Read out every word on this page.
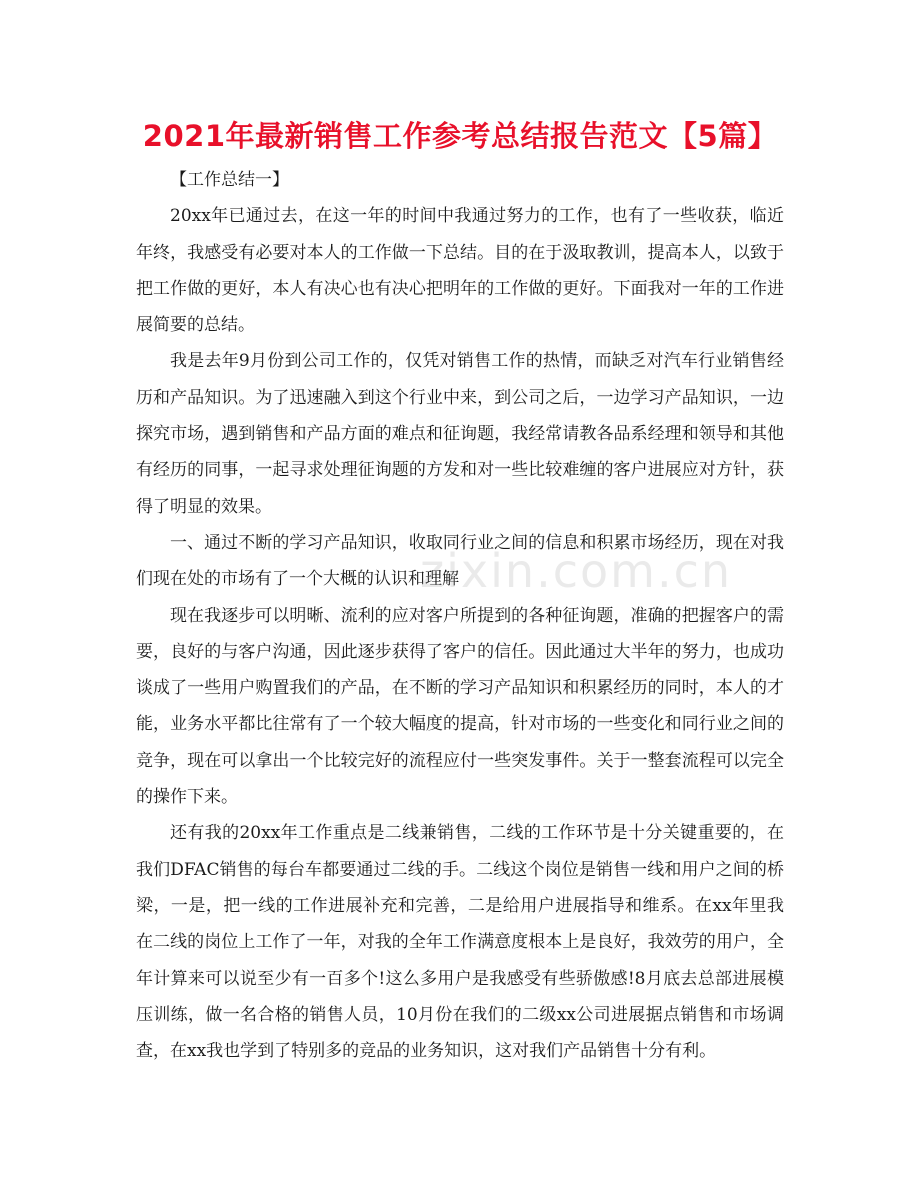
2021年最新销售工作参考总结报告范文【5篇】

【工作总结一】

20xx年已通过去，在这一年的时间中我通过努力的工作，也有了一些收获，临近年终，我感受有必要对本人的工作做一下总结。目的在于汲取教训，提高本人，以致于把工作做的更好，本人有决心也有决心把明年的工作做的更好。下面我对一年的工作进展简要的总结。

我是去年9月份到公司工作的，仅凭对销售工作的热情，而缺乏对汽车行业销售经历和产品知识。为了迅速融入到这个行业中来，到公司之后，一边学习产品知识，一边探究市场，遇到销售和产品方面的难点和征询题，我经常请教各品系经理和领导和其他有经历的同事，一起寻求处理征询题的方发和对一些比较难缠的客户进展应对方针，获得了明显的效果。

一、通过不断的学习产品知识，收取同行业之间的信息和积累市场经历，现在对我们现在处的市场有了一个大概的认识和理解

现在我逐步可以明晰、流利的应对客户所提到的各种征询题，准确的把握客户的需要，良好的与客户沟通，因此逐步获得了客户的信任。因此通过大半年的努力，也成功谈成了一些用户购置我们的产品，在不断的学习产品知识和积累经历的同时，本人的才能，业务水平都比往常有了一个较大幅度的提高，针对市场的一些变化和同行业之间的竞争，现在可以拿出一个比较完好的流程应付一些突发事件。关于一整套流程可以完全的操作下来。

还有我的20xx年工作重点是二线兼销售，二线的工作环节是十分关键重要的，在我们DFAC销售的每台车都要通过二线的手。二线这个岗位是销售一线和用户之间的桥梁，一是，把一线的工作进展补充和完善，二是给用户进展指导和维系。在xx年里我在二线的岗位上工作了一年，对我的全年工作满意度根本上是良好，我效劳的用户，全年计算来可以说至少有一百多个!这么多用户是我感受有些骄傲感!8月底去总部进展模压训练，做一名合格的销售人员，10月份在我们的二级xx公司进展据点销售和市场调查，在xx我也学到了特别多的竞品的业务知识，这对我们产品销售十分有利。

zixin.com.cn
